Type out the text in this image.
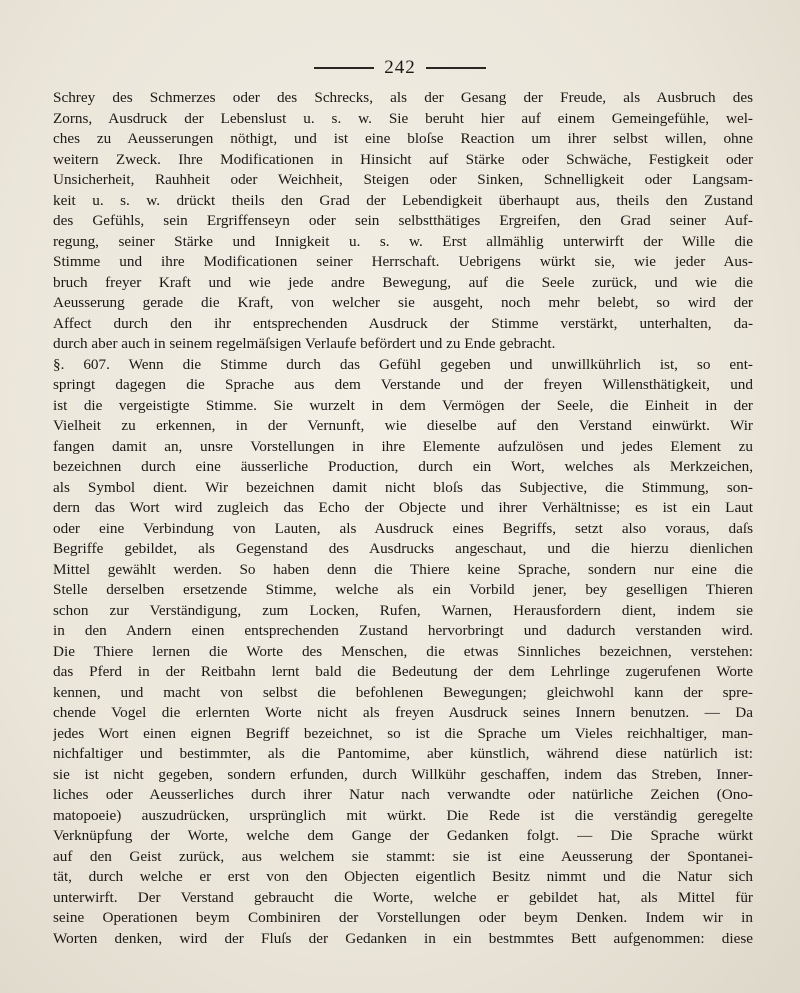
242
Schrey des Schmerzes oder des Schrecks, als der Gesang der Freude, als Ausbruch des
Zorns, Ausdruck der Lebenslust u. s. w. Sie beruht hier auf einem Gemeingefühle, wel-
ches zu Aeusserungen nöthigt, und ist eine bloſse Reaction um ihrer selbst willen, ohne
weitern Zweck. Ihre Modificationen in Hinsicht auf Stärke oder Schwäche, Festigkeit oder
Unsicherheit, Rauhheit oder Weichheit, Steigen oder Sinken, Schnelligkeit oder Langsam-
keit u. s. w. drückt theils den Grad der Lebendigkeit überhaupt aus, theils den Zustand
des Gefühls, sein Ergriffenseyn oder sein selbstthätiges Ergreifen, den Grad seiner Auf-
regung, seiner Stärke und Innigkeit u. s. w. Erst allmählig unterwirft der Wille die
Stimme und ihre Modificationen seiner Herrschaft. Uebrigens würkt sie, wie jeder Aus-
bruch freyer Kraft und wie jede andre Bewegung, auf die Seele zurück, und wie die
Aeusserung gerade die Kraft, von welcher sie ausgeht, noch mehr belebt, so wird der
Affect durch den ihr entsprechenden Ausdruck der Stimme verstärkt, unterhalten, da-
durch aber auch in seinem regelmäſsigen Verlaufe befördert und zu Ende gebracht.
§. 607. Wenn die Stimme durch das Gefühl gegeben und unwillkührlich ist, so ent-
springt dagegen die Sprache aus dem Verstande und der freyen Willensthätigkeit, und
ist die vergeistigte Stimme. Sie wurzelt in dem Vermögen der Seele, die Einheit in der
Vielheit zu erkennen, in der Vernunft, wie dieselbe auf den Verstand einwürkt. Wir
fangen damit an, unsre Vorstellungen in ihre Elemente aufzulösen und jedes Element zu
bezeichnen durch eine äusserliche Production, durch ein Wort, welches als Merkzeichen,
als Symbol dient. Wir bezeichnen damit nicht bloſs das Subjective, die Stimmung, son-
dern das Wort wird zugleich das Echo der Objecte und ihrer Verhältnisse; es ist ein Laut
oder eine Verbindung von Lauten, als Ausdruck eines Begriffs, setzt also voraus, daſs
Begriffe gebildet, als Gegenstand des Ausdrucks angeschaut, und die hierzu dienlichen
Mittel gewählt werden. So haben denn die Thiere keine Sprache, sondern nur eine die
Stelle derselben ersetzende Stimme, welche als ein Vorbild jener, bey geselligen Thieren
schon zur Verständigung, zum Locken, Rufen, Warnen, Herausfordern dient, indem sie
in den Andern einen entsprechenden Zustand hervorbringt und dadurch verstanden wird.
Die Thiere lernen die Worte des Menschen, die etwas Sinnliches bezeichnen, verstehen:
das Pferd in der Reitbahn lernt bald die Bedeutung der dem Lehrlinge zugerufenen Worte
kennen, und macht von selbst die befohlenen Bewegungen; gleichwohl kann der spre-
chende Vogel die erlernten Worte nicht als freyen Ausdruck seines Innern benutzen. — Da
jedes Wort einen eignen Begriff bezeichnet, so ist die Sprache um Vieles reichhaltiger, man-
nichfaltiger und bestimmter, als die Pantomime, aber künstlich, während diese natürlich ist:
sie ist nicht gegeben, sondern erfunden, durch Willkühr geschaffen, indem das Streben, Inner-
liches oder Aeusserliches durch ihrer Natur nach verwandte oder natürliche Zeichen (Ono-
matopoeie) auszudrücken, ursprünglich mit würkt. Die Rede ist die verständig geregelte
Verknüpfung der Worte, welche dem Gange der Gedanken folgt. — Die Sprache würkt
auf den Geist zurück, aus welchem sie stammt: sie ist eine Aeusserung der Spontanei-
tät, durch welche er erst von den Objecten eigentlich Besitz nimmt und die Natur sich
unterwirft. Der Verstand gebraucht die Worte, welche er gebildet hat, als Mittel für
seine Operationen beym Combiniren der Vorstellungen oder beym Denken. Indem wir in
Worten denken, wird der Fluſs der Gedanken in ein bestmmtes Bett aufgenommen: diese
